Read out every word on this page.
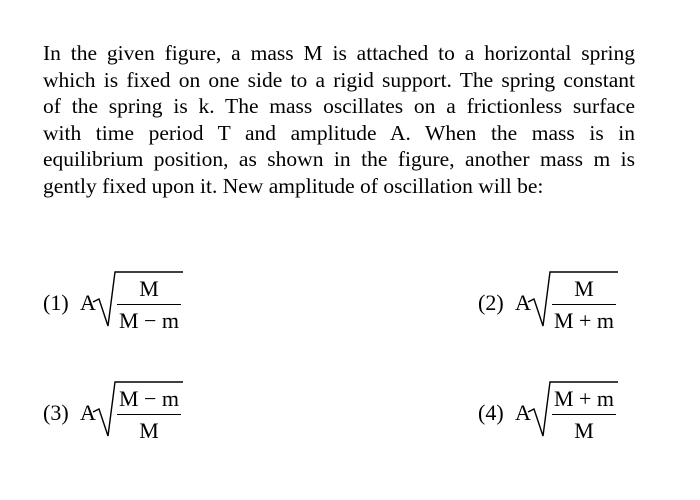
In the given figure, a mass M is attached to a horizontal spring
which is fixed on one side to a rigid support. The spring constant
of the spring is k. The mass oscillates on a frictionless surface
with time period T and amplitude A. When the mass is in
equilibrium position, as shown in the figure, another mass m is
gently fixed upon it. New amplitude of oscillation will be:
(1) A
M
M − m
(2) A
M
M + m
(3) A
M − m
M
(4) A
M + m
M
